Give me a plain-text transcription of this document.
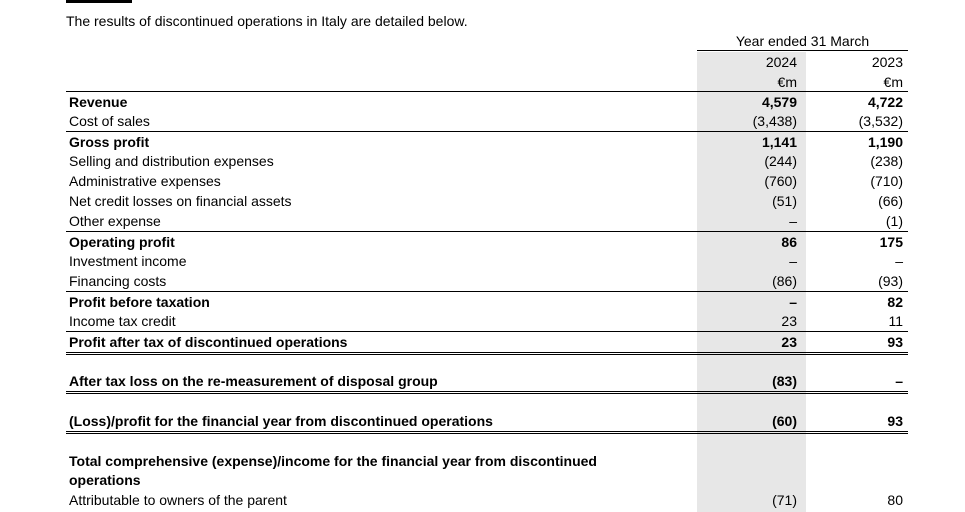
The results of discontinued operations in Italy are detailed below.
Year ended 31 March
2024	2023
€m	€m
Revenue	4,579	4,722
Cost of sales	(3,438)	(3,532)
Gross profit	1,141	1,190
Selling and distribution expenses	(244)	(238)
Administrative expenses	(760)	(710)
Net credit losses on financial assets	(51)	(66)
Other expense	–	(1)
Operating profit	86	175
Investment income	–	–
Financing costs	(86)	(93)
Profit before taxation	–	82
Income tax credit	23	11
Profit after tax of discontinued operations	23	93
After tax loss on the re-measurement of disposal group	(83)	–
(Loss)/profit for the financial year from discontinued operations	(60)	93
Total comprehensive (expense)/income for the financial year from discontinued operations
Attributable to owners of the parent	(71)	80
